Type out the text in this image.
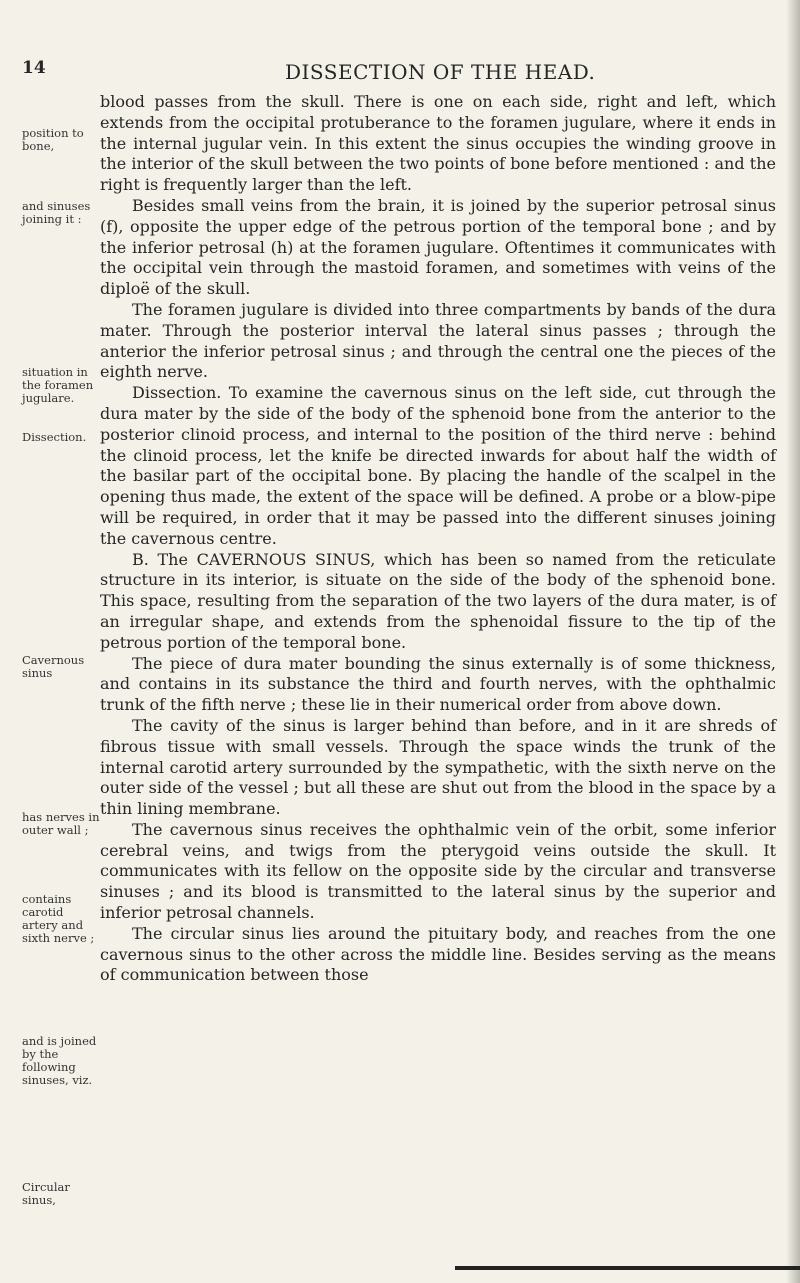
14	DISSECTION OF THE HEAD.
position to bone,
and sinuses joining it :
situation in the foramen jugulare.
Dissection.
Cavernous sinus
has nerves in outer wall ;
contains carotid artery and sixth nerve ;
and is joined by the following sinuses, viz.
Circular sinus,

blood passes from the skull. There is one on each side, right and left, which extends from the occipital protuberance to the foramen jugulare, where it ends in the internal jugular vein. In this extent the sinus occupies the winding groove in the interior of the skull between the two points of bone before mentioned : and the right is frequently larger than the left.

Besides small veins from the brain, it is joined by the superior petrosal sinus (f), opposite the upper edge of the petrous portion of the temporal bone ; and by the inferior petrosal (h) at the foramen jugulare. Oftentimes it communicates with the occipital vein through the mastoid foramen, and sometimes with veins of the diploë of the skull.

The foramen jugulare is divided into three compartments by bands of the dura mater. Through the posterior interval the lateral sinus passes ; through the anterior the inferior petrosal sinus ; and through the central one the pieces of the eighth nerve.

Dissection. To examine the cavernous sinus on the left side, cut through the dura mater by the side of the body of the sphenoid bone from the anterior to the posterior clinoid process, and internal to the position of the third nerve : behind the clinoid process, let the knife be directed inwards for about half the width of the basilar part of the occipital bone. By placing the handle of the scalpel in the opening thus made, the extent of the space will be defined. A probe or a blow-pipe will be required, in order that it may be passed into the different sinuses joining the cavernous centre.

B. The CAVERNOUS SINUS, which has been so named from the reticulate structure in its interior, is situate on the side of the body of the sphenoid bone. This space, resulting from the separation of the two layers of the dura mater, is of an irregular shape, and extends from the sphenoidal fissure to the tip of the petrous portion of the temporal bone.

The piece of dura mater bounding the sinus externally is of some thickness, and contains in its substance the third and fourth nerves, with the ophthalmic trunk of the fifth nerve ; these lie in their numerical order from above down.

The cavity of the sinus is larger behind than before, and in it are shreds of fibrous tissue with small vessels. Through the space winds the trunk of the internal carotid artery surrounded by the sympathetic, with the sixth nerve on the outer side of the vessel ; but all these are shut out from the blood in the space by a thin lining membrane.

The cavernous sinus receives the ophthalmic vein of the orbit, some inferior cerebral veins, and twigs from the pterygoid veins outside the skull. It communicates with its fellow on the opposite side by the circular and transverse sinuses ; and its blood is transmitted to the lateral sinus by the superior and inferior petrosal channels.

The circular sinus lies around the pituitary body, and reaches from the one cavernous sinus to the other across the middle line. Besides serving as the means of communication between those
